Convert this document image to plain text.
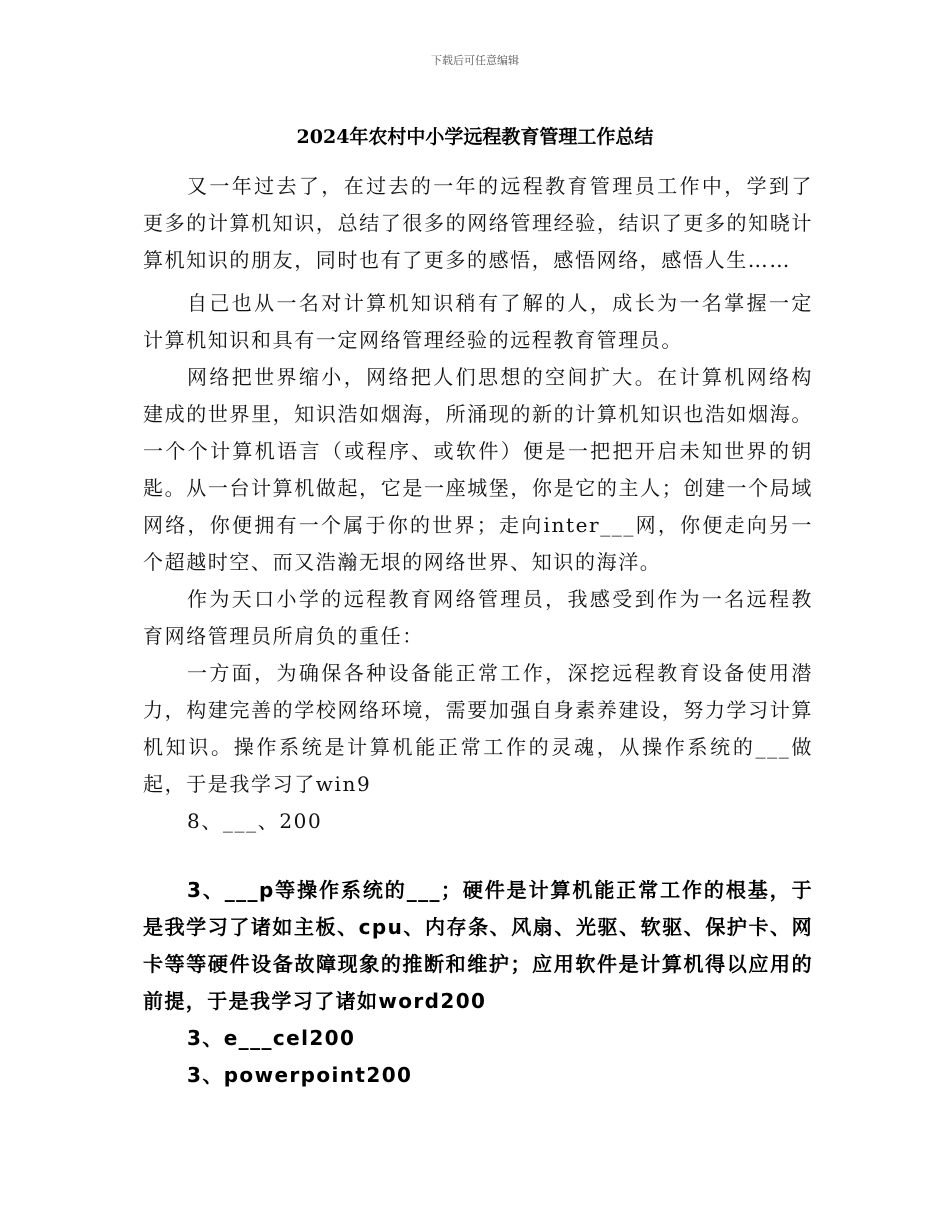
下载后可任意编辑
2024年农村中小学远程教育管理工作总结

又一年过去了，在过去的一年的远程教育管理员工作中，学到了更多的计算机知识，总结了很多的网络管理经验，结识了更多的知晓计算机知识的朋友，同时也有了更多的感悟，感悟网络，感悟人生……

自己也从一名对计算机知识稍有了解的人，成长为一名掌握一定计算机知识和具有一定网络管理经验的远程教育管理员。

网络把世界缩小，网络把人们思想的空间扩大。在计算机网络构建成的世界里，知识浩如烟海，所涌现的新的计算机知识也浩如烟海。一个个计算机语言（或程序、或软件）便是一把把开启未知世界的钥匙。从一台计算机做起，它是一座城堡，你是它的主人；创建一个局域网络，你便拥有一个属于你的世界；走向inter___网，你便走向另一个超越时空、而又浩瀚无垠的网络世界、知识的海洋。

作为天口小学的远程教育网络管理员，我感受到作为一名远程教育网络管理员所肩负的重任：

一方面，为确保各种设备能正常工作，深挖远程教育设备使用潜力，构建完善的学校网络环境，需要加强自身素养建设，努力学习计算机知识。操作系统是计算机能正常工作的灵魂，从操作系统的___做起，于是我学习了win9

8、___、200

3、___p等操作系统的___；硬件是计算机能正常工作的根基，于是我学习了诸如主板、cpu、内存条、风扇、光驱、软驱、保护卡、网卡等等硬件设备故障现象的推断和维护；应用软件是计算机得以应用的前提，于是我学习了诸如word200

3、e___cel200

3、powerpoint200
